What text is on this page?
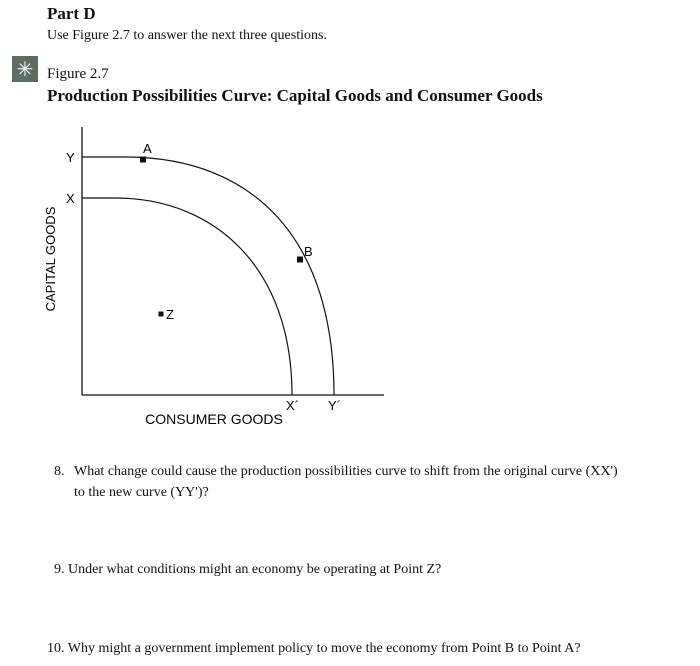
Part D
Use Figure 2.7 to answer the next three questions.
✳ Figure 2.7
Production Possibilities Curve: Capital Goods and Consumer Goods
Y
X
X´ Y´
A
B
Z
CAPITAL GOODS
CONSUMER GOODS
8. What change could cause the production possibilities curve to shift from the original curve (XX')
to the new curve (YY')?
9. Under what conditions might an economy be operating at Point Z?
10. Why might a government implement policy to move the economy from Point B to Point A?
